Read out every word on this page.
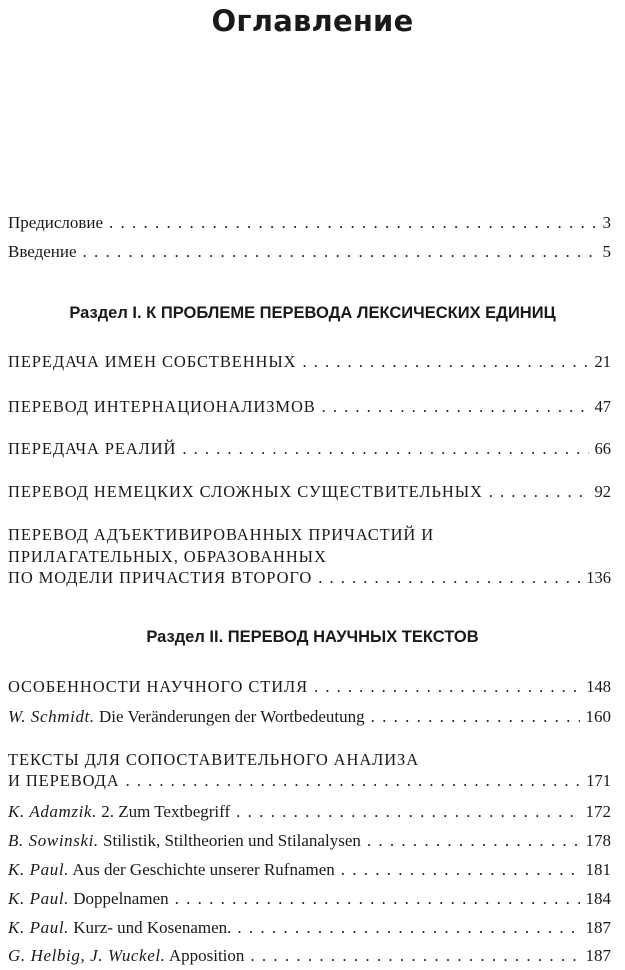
Оглавление
Предисловие . . .	3
Введение . . .	5
Раздел I. К ПРОБЛЕМЕ ПЕРЕВОДА ЛЕКСИЧЕСКИХ ЕДИНИЦ
ПЕРЕДАЧА ИМЕН СОБСТВЕННЫХ . . .	21
ПЕРЕВОД ИНТЕРНАЦИОНАЛИЗМОВ . . .	47
ПЕРЕДАЧА РЕАЛИЙ . . .	66
ПЕРЕВОД НЕМЕЦКИХ СЛОЖНЫХ СУЩЕСТВИТЕЛЬНЫХ . . .	92
ПЕРЕВОД АДЪЕКТИВИРОВАННЫХ ПРИЧАСТИЙ И
ПРИЛАГАТЕЛЬНЫХ, ОБРАЗОВАННЫХ
ПО МОДЕЛИ ПРИЧАСТИЯ ВТОРОГО . . .	136
Раздел II. ПЕРЕВОД НАУЧНЫХ ТЕКСТОВ
ОСОБЕННОСТИ НАУЧНОГО СТИЛЯ . . .	148
W. Schmidt. Die Veränderungen der Wortbedeutung . . .	160
ТЕКСТЫ ДЛЯ СОПОСТАВИТЕЛЬНОГО АНАЛИЗА
И ПЕРЕВОДА . . .	171
K. Adamzik. 2. Zum Textbegriff . . .	172
B. Sowinski. Stilistik, Stiltheorien und Stilanalysen . . .	178
K. Paul. Aus der Geschichte unserer Rufnamen . . .	181
K. Paul. Doppelnamen . . .	184
K. Paul. Kurz- und Kosenamen. . . .	187
G. Helbig, J. Wuckel. Apposition . . .	187
